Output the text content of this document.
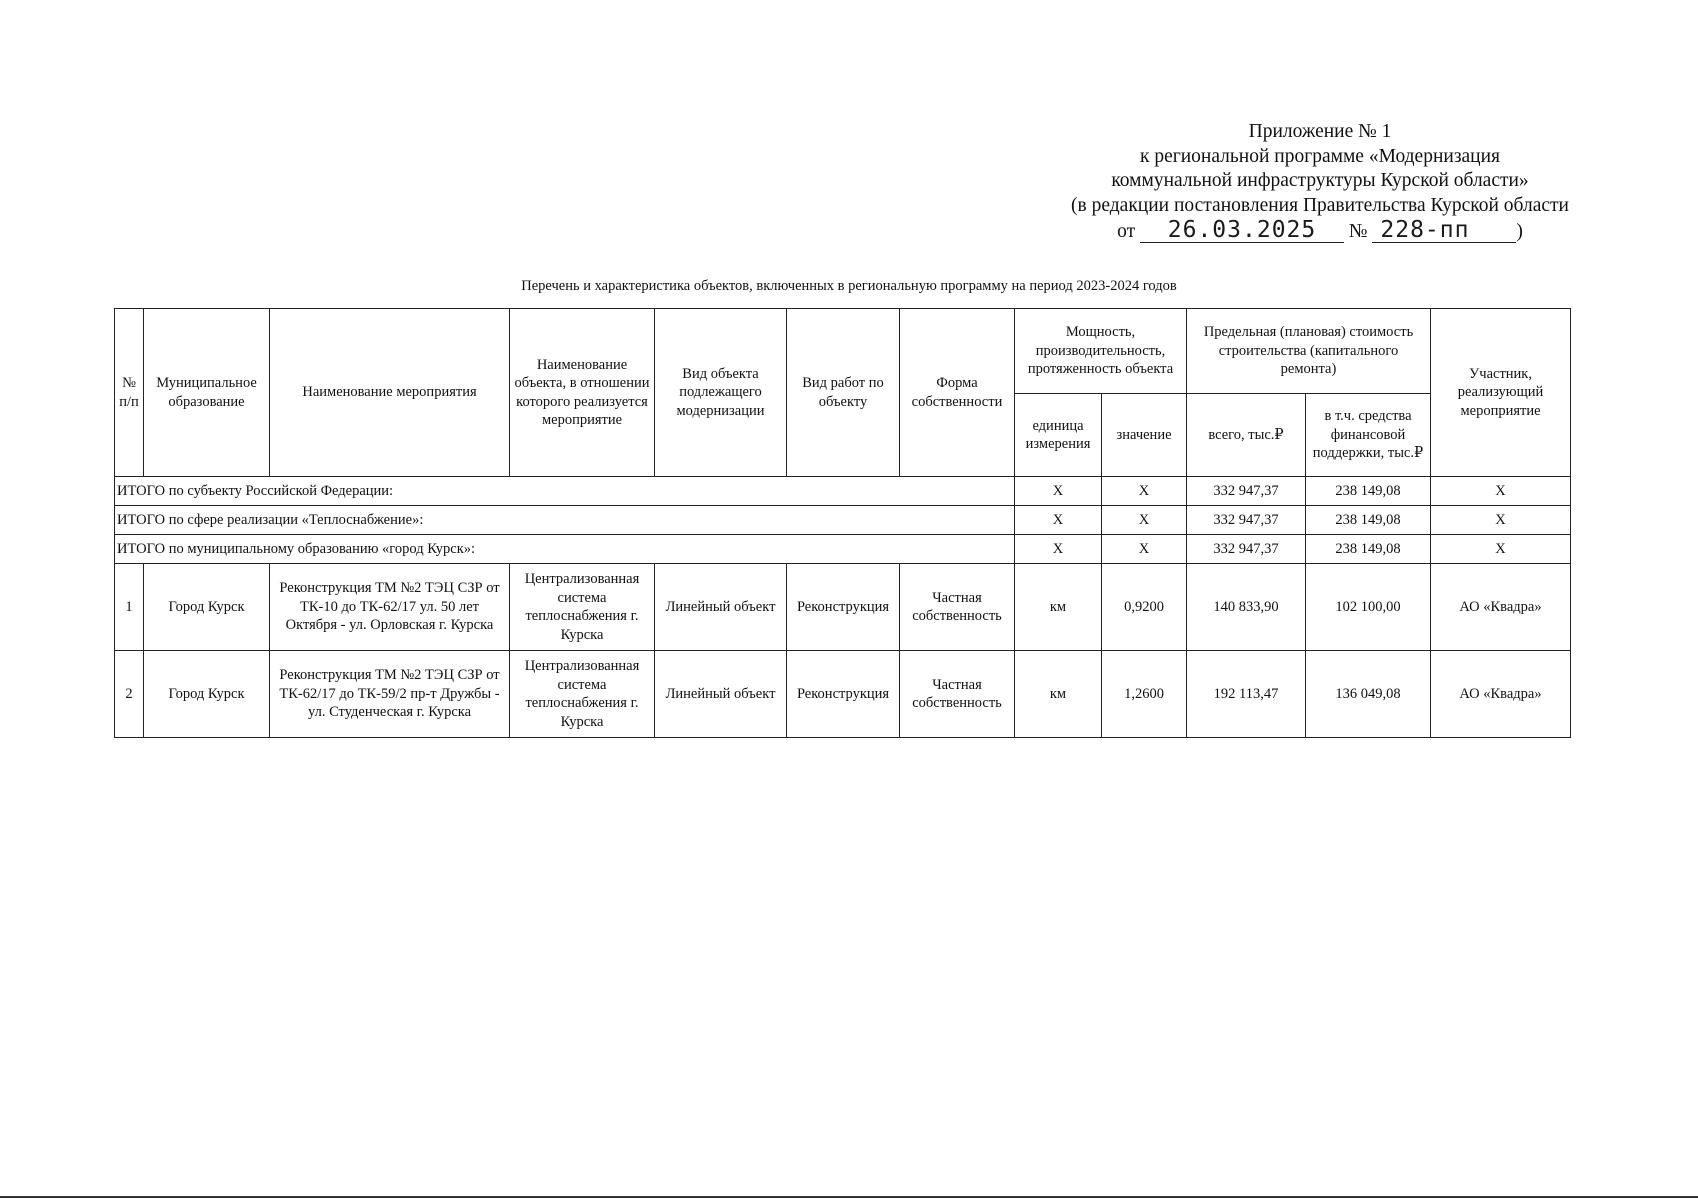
Приложение № 1
к региональной программе «Модернизация
коммунальной инфраструктуры Курской области»
(в редакции постановления Правительства Курской области
от 26.03.2025 № 228-пп )
Перечень и характеристика объектов, включенных в региональную программу на период 2023-2024 годов
№ п/п	Муниципальное образование	Наименование мероприятия	Наименование объекта, в отношении которого реализуется мероприятие	Вид объекта подлежащего модернизации	Вид работ по объекту	Форма собственности	Мощность, производительность, протяженность объекта		Предельная (плановая) стоимость строительства (капитального ремонта)		Участник, реализующий мероприятие
							единица измерения	значение	всего, тыс.₽	в т.ч. средства финансовой поддержки, тыс.₽	
ИТОГО по субъекту Российской Федерации:							Х	Х	332 947,37	238 149,08	Х
ИТОГО по сфере реализации «Теплоснабжение»:							Х	Х	332 947,37	238 149,08	Х
ИТОГО по муниципальному образованию «город Курск»:							Х	Х	332 947,37	238 149,08	Х
1	Город Курск	Реконструкция ТМ №2 ТЭЦ СЗР от ТК-10 до ТК-62/17 ул. 50 лет Октября - ул. Орловская г. Курска	Централизованная система теплоснабжения г. Курска	Линейный объект	Реконструкция	Частная собственность	км	0,9200	140 833,90	102 100,00	АО «Квадра»
2	Город Курск	Реконструкция ТМ №2 ТЭЦ СЗР от ТК-62/17 до ТК-59/2 пр-т Дружбы - ул. Студенческая г. Курска	Централизованная система теплоснабжения г. Курска	Линейный объект	Реконструкция	Частная собственность	км	1,2600	192 113,47	136 049,08	АО «Квадра»
